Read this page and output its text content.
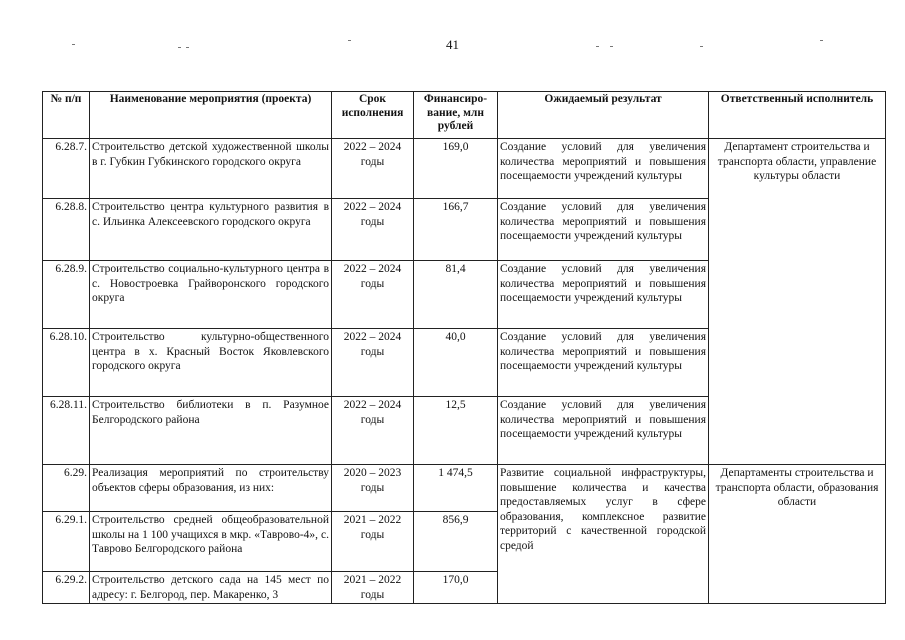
41
№ п/п	Наименование мероприятия (проекта)	Срок исполнения	Финансиро-вание, млн рублей	Ожидаемый результат	Ответственный исполнитель
6.28.7.	Строительство детской художественной школы в г. Губкин Губкинского городского округа	2022 – 2024 годы	169,0	Создание условий для увеличения количества мероприятий и повышения посещаемости учреждений культуры	Департамент строительства и транспорта области, управление культуры области
6.28.8.	Строительство центра культурного развития в с. Ильинка Алексеевского городского округа	2022 – 2024 годы	166,7	Создание условий для увеличения количества мероприятий и повышения посещаемости учреждений культуры	
6.28.9.	Строительство социально-культурного центра в с. Новостроевка Грайворонского городского округа	2022 – 2024 годы	81,4	Создание условий для увеличения количества мероприятий и повышения посещаемости учреждений культуры	
6.28.10.	Строительство культурно-общественного центра в х. Красный Восток Яковлевского городского округа	2022 – 2024 годы	40,0	Создание условий для увеличения количества мероприятий и повышения посещаемости учреждений культуры	
6.28.11.	Строительство библиотеки в п. Разумное Белгородского района	2022 – 2024 годы	12,5	Создание условий для увеличения количества мероприятий и повышения посещаемости учреждений культуры	
6.29.	Реализация мероприятий по строительству объектов сферы образования, из них:	2020 – 2023 годы	1 474,5	Развитие социальной инфраструктуры, повышение количества и качества предоставляемых услуг в сфере образования, комплексное развитие территорий с качественной городской средой	Департаменты строительства и транспорта области, образования области
6.29.1.	Строительство средней общеобразовательной школы на 1 100 учащихся в мкр. «Таврово-4», с. Таврово Белгородского района	2021 – 2022 годы	856,9		
6.29.2.	Строительство детского сада на 145 мест по адресу: г. Белгород, пер. Макаренко, 3	2021 – 2022 годы	170,0		
